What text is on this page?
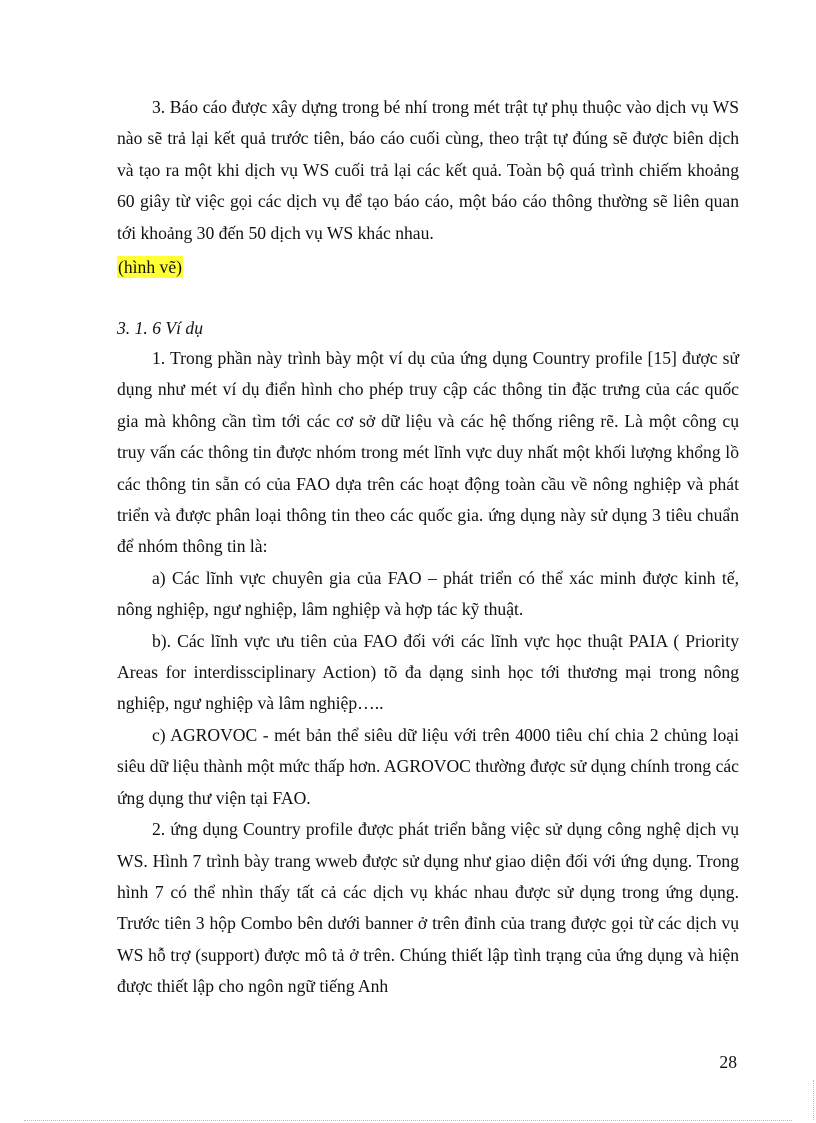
3. Báo cáo được xây dựng trong bé nhí trong mét trật tự phụ thuộc vào dịch vụ WS nào sẽ trả lại kết quả trước tiên, báo cáo cuối cùng, theo trật tự đúng sẽ được biên dịch và tạo ra một khi dịch vụ WS cuối trả lại các kết quả. Toàn bộ quá trình chiếm khoảng 60 giây từ việc gọi các dịch vụ để tạo báo cáo, một báo cáo thông thường sẽ liên quan tới khoảng 30 đến 50 dịch vụ WS khác nhau.

(hình vẽ)

3. 1. 6 Ví dụ

1. Trong phần này trình bày một ví dụ của ứng dụng Country profile [15] được sử dụng như mét ví dụ điển hình cho phép truy cập các thông tin đặc trưng của các quốc gia mà không cần tìm tới các cơ sở dữ liệu và các hệ thống riêng rẽ. Là một công cụ truy vấn các thông tin được nhóm trong mét lĩnh vực duy nhất một khối lượng khổng lồ các thông tin sẵn có của FAO dựa trên các hoạt động toàn cầu về nông nghiệp và phát triển và được phân loại thông tin theo các quốc gia. ứng dụng này sử dụng 3 tiêu chuẩn để nhóm thông tin là:

a) Các lĩnh vực chuyên gia của FAO – phát triển có thể xác minh được kinh tế, nông nghiệp, ngư nghiệp, lâm nghiệp và hợp tác kỹ thuật.

b). Các lĩnh vực ưu tiên của FAO đối với các lĩnh vực học thuật PAIA ( Priority Areas for interdissciplinary Action) tõ đa dạng sinh học tới thương mại trong nông nghiệp, ngư nghiệp và lâm nghiệp…..

c) AGROVOC - mét bản thể siêu dữ liệu với trên 4000 tiêu chí chia 2 chủng loại siêu dữ liệu thành một mức thấp hơn. AGROVOC thường được sử dụng chính trong các ứng dụng thư viện tại FAO.

2. ứng dụng Country profile được phát triển bằng việc sử dụng công nghệ dịch vụ WS. Hình 7 trình bày trang wweb được sử dụng như giao diện đối với ứng dụng. Trong hình 7 có thể nhìn thấy tất cả các dịch vụ khác nhau được sử dụng trong ứng dụng. Trước tiên 3 hộp Combo bên dưới banner ở trên đỉnh của trang được gọi từ các dịch vụ WS hỗ trợ (support) được mô tả ở trên. Chúng thiết lập tình trạng của ứng dụng và hiện được thiết lập cho ngôn ngữ tiếng Anh

28
